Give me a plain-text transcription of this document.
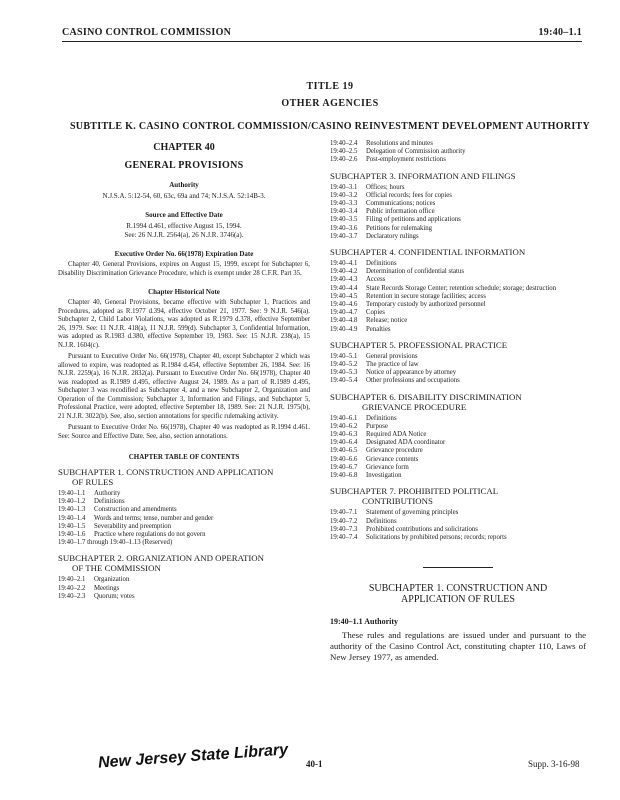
CASINO CONTROL COMMISSION	19:40–1.1
TITLE 19
OTHER AGENCIES
SUBTITLE K. CASINO CONTROL COMMISSION/CASINO REINVESTMENT DEVELOPMENT AUTHORITY

CHAPTER 40

GENERAL PROVISIONS

Authority

N.J.S.A. 5:12-54, 60, 63c, 69a and 74; N.J.S.A. 52:14B-3.

Source and Effective Date

R.1994 d.461, effective August 15, 1994.

See: 26 N.J.R. 2564(a), 26 N.J.R. 3746(a).

Executive Order No. 66(1978) Expiration Date

Chapter 40, General Provisions, expires on August 15, 1999, except for Subchapter 6, Disability Discrimination Grievance Procedure, which is exempt under 28 C.F.R. Part 35.

Chapter Historical Note

Chapter 40, General Provisions, became effective with Subchapter 1, Practices and Procedures, adopted as R.1977 d.394, effective October 21, 1977. See: 9 N.J.R. 546(a). Subchapter 2, Child Labor Violations, was adopted as R.1979 d.378, effective September 26, 1979. See: 11 N.J.R. 418(a), 11 N.J.R. 599(d). Subchapter 3, Confidential Information, was adopted as R.1983 d.380, effective September 19, 1983. See: 15 N.J.R. 238(a), 15 N.J.R. 1604(c).

Pursuant to Executive Order No. 66(1978), Chapter 40, except Subchapter 2 which was allowed to expire, was readopted as R.1984 d.454, effective September 26, 1984. See: 16 N.J.R. 2259(a), 16 N.J.R. 2832(a). Pursuant to Executive Order No. 66(1978), Chapter 40 was readopted as R.1989 d.495, effective August 24, 1989. As a part of R.1989 d.495, Subchapter 3 was recodified as Subchapter 4, and a new Subchapter 2, Organization and Operation of the Commission; Subchapter 3, Information and Filings, and Subchapter 5, Professional Practice, were adopted, effective September 18, 1989. See: 21 N.J.R. 1975(b), 21 N.J.R. 3022(b). See, also, section annotations for specific rulemaking activity.

Pursuant to Executive Order No. 66(1978), Chapter 40 was readopted as R.1994 d.461. See: Source and Effective Date. See, also, section annotations.

CHAPTER TABLE OF CONTENTS

SUBCHAPTER 1. CONSTRUCTION AND APPLICATION

OF RULES

19:40–1.1	Authority
19:40–1.2	Definitions
19:40–1.3	Construction and amendments
19:40–1.4	Words and terms; tense, number and gender
19:40–1.5	Severability and preemption
19:40–1.6	Practice where regulations do not govern
19:40–1.7 through 19:40–1.13 (Reserved)

SUBCHAPTER 2. ORGANIZATION AND OPERATION

OF THE COMMISSION

19:40–2.1	Organization
19:40–2.2	Meetings
19:40–2.3	Quorum; votes
19:40–2.4	Resolutions and minutes
19:40–2.5	Delegation of Commission authority
19:40–2.6	Post-employment restrictions

SUBCHAPTER 3. INFORMATION AND FILINGS

19:40–3.1	Offices; hours
19:40–3.2	Official records; fees for copies
19:40–3.3	Communications; notices
19:40–3.4	Public information office
19:40–3.5	Filing of petitions and applications
19:40–3.6	Petitions for rulemaking
19:40–3.7	Declaratory rulings

SUBCHAPTER 4. CONFIDENTIAL INFORMATION

19:40–4.1	Definitions
19:40–4.2	Determination of confidential status
19:40–4.3	Access
19:40–4.4	State Records Storage Center; retention schedule; storage; destruction
19:40–4.5	Retention in secure storage facilities; access
19:40–4.6	Temporary custody by authorized personnel
19:40–4.7	Copies
19:40–4.8	Release; notice
19:40–4.9	Penalties

SUBCHAPTER 5. PROFESSIONAL PRACTICE

19:40–5.1	General provisions
19:40–5.2	The practice of law
19:40–5.3	Notice of appearance by attorney
19:40–5.4	Other professions and occupations

SUBCHAPTER 6. DISABILITY DISCRIMINATION

GRIEVANCE PROCEDURE

19:40–6.1	Definitions
19:40–6.2	Purpose
19:40–6.3	Required ADA Notice
19:40–6.4	Designated ADA coordinator
19:40–6.5	Grievance procedure
19:40–6.6	Grievance contents
19:40–6.7	Grievance form
19:40–6.8	Investigation

SUBCHAPTER 7. PROHIBITED POLITICAL

CONTRIBUTIONS

19:40–7.1	Statement of governing principles
19:40–7.2	Definitions
19:40–7.3	Prohibited contributions and solicitations
19:40–7.4	Solicitations by prohibited persons; records; reports

SUBCHAPTER 1. CONSTRUCTION AND

APPLICATION OF RULES

19:40–1.1 Authority

These rules and regulations are issued under and pursuant to the authority of the Casino Control Act, constituting chapter 110, Laws of New Jersey 1977, as amended.

New Jersey State Library 40-1	Supp. 3-16-98
